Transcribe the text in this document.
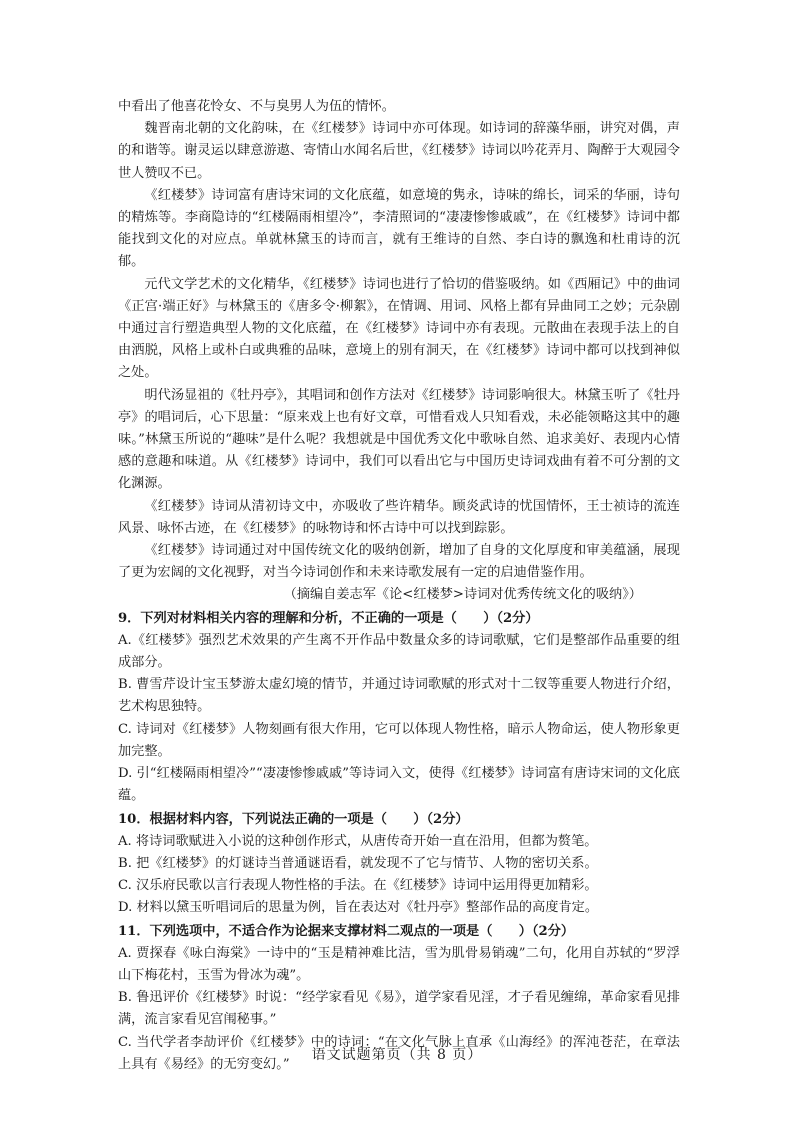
中看出了他喜花怜女、不与臭男人为伍的情怀。

魏晋南北朝的文化韵味，在《红楼梦》诗词中亦可体现。如诗词的辞藻华丽，讲究对偶，声的和谐等。谢灵运以肆意游遨、寄情山水闻名后世，《红楼梦》诗词以吟花弄月、陶醉于大观园令世人赞叹不已。

《红楼梦》诗词富有唐诗宋词的文化底蕴，如意境的隽永，诗味的绵长，词采的华丽，诗句的精炼等。李商隐诗的“红楼隔雨相望冷”，李清照词的“凄凄惨惨戚戚”，在《红楼梦》诗词中都能找到文化的对应点。单就林黛玉的诗而言，就有王维诗的自然、李白诗的飘逸和杜甫诗的沉郁。

元代文学艺术的文化精华，《红楼梦》诗词也进行了恰切的借鉴吸纳。如《西厢记》中的曲词《正宫·端正好》与林黛玉的《唐多令·柳絮》，在情调、用词、风格上都有异曲同工之妙；元杂剧中通过言行塑造典型人物的文化底蕴，在《红楼梦》诗词中亦有表现。元散曲在表现手法上的自由洒脱，风格上或朴白或典雅的品味，意境上的别有洞天，在《红楼梦》诗词中都可以找到神似之处。

明代汤显祖的《牡丹亭》，其唱词和创作方法对《红楼梦》诗词影响很大。林黛玉听了《牡丹亭》的唱词后，心下思量：“原来戏上也有好文章，可惜看戏人只知看戏，未必能领略这其中的趣味。”林黛玉所说的“趣味”是什么呢？我想就是中国优秀文化中歌咏自然、追求美好、表现内心情感的意趣和味道。从《红楼梦》诗词中，我们可以看出它与中国历史诗词戏曲有着不可分割的文化渊源。

《红楼梦》诗词从清初诗文中，亦吸收了些许精华。顾炎武诗的忧国情怀，王士祯诗的流连风景、咏怀古迹，在《红楼梦》的咏物诗和怀古诗中可以找到踪影。

《红楼梦》诗词通过对中国传统文化的吸纳创新，增加了自身的文化厚度和审美蕴涵，展现了更为宏阔的文化视野，对当今诗词创作和未来诗歌发展有一定的启迪借鉴作用。

（摘编自姜志军《论<红楼梦>诗词对优秀传统文化的吸纳》）

9．下列对材料相关内容的理解和分析，不正确的一项是（　　）（2分）

A.《红楼梦》强烈艺术效果的产生离不开作品中数量众多的诗词歌赋，它们是整部作品重要的组成部分。

B. 曹雪芹设计宝玉梦游太虚幻境的情节，并通过诗词歌赋的形式对十二钗等重要人物进行介绍，艺术构思独特。

C. 诗词对《红楼梦》人物刻画有很大作用，它可以体现人物性格，暗示人物命运，使人物形象更加完整。

D. 引“红楼隔雨相望冷”“凄凄惨惨戚戚”等诗词入文，使得《红楼梦》诗词富有唐诗宋词的文化底蕴。

10．根据材料内容，下列说法正确的一项是（　　）（2分）

A. 将诗词歌赋进入小说的这种创作形式，从唐传奇开始一直在沿用，但都为赘笔。

B. 把《红楼梦》的灯谜诗当普通谜语看，就发现不了它与情节、人物的密切关系。

C. 汉乐府民歌以言行表现人物性格的手法。在《红楼梦》诗词中运用得更加精彩。

D. 材料以黛玉听唱词后的思量为例，旨在表达对《牡丹亭》整部作品的高度肯定。

11．下列选项中，不适合作为论据来支撑材料二观点的一项是（　　）（2分）

A. 贾探春《咏白海棠》一诗中的“玉是精神难比洁，雪为肌骨易销魂”二句，化用自苏轼的“罗浮山下梅花村，玉雪为骨冰为魂”。

B. 鲁迅评价《红楼梦》时说：“经学家看见《易》，道学家看见淫，才子看见缠绵，革命家看见排满，流言家看见宫闱秘事。”

C. 当代学者李劼评价《红楼梦》中的诗词：“在文化气脉上直承《山海经》的浑沌苍茫，在章法上具有《易经》的无穷变幻。”

语文试题第页（共 8 页）
